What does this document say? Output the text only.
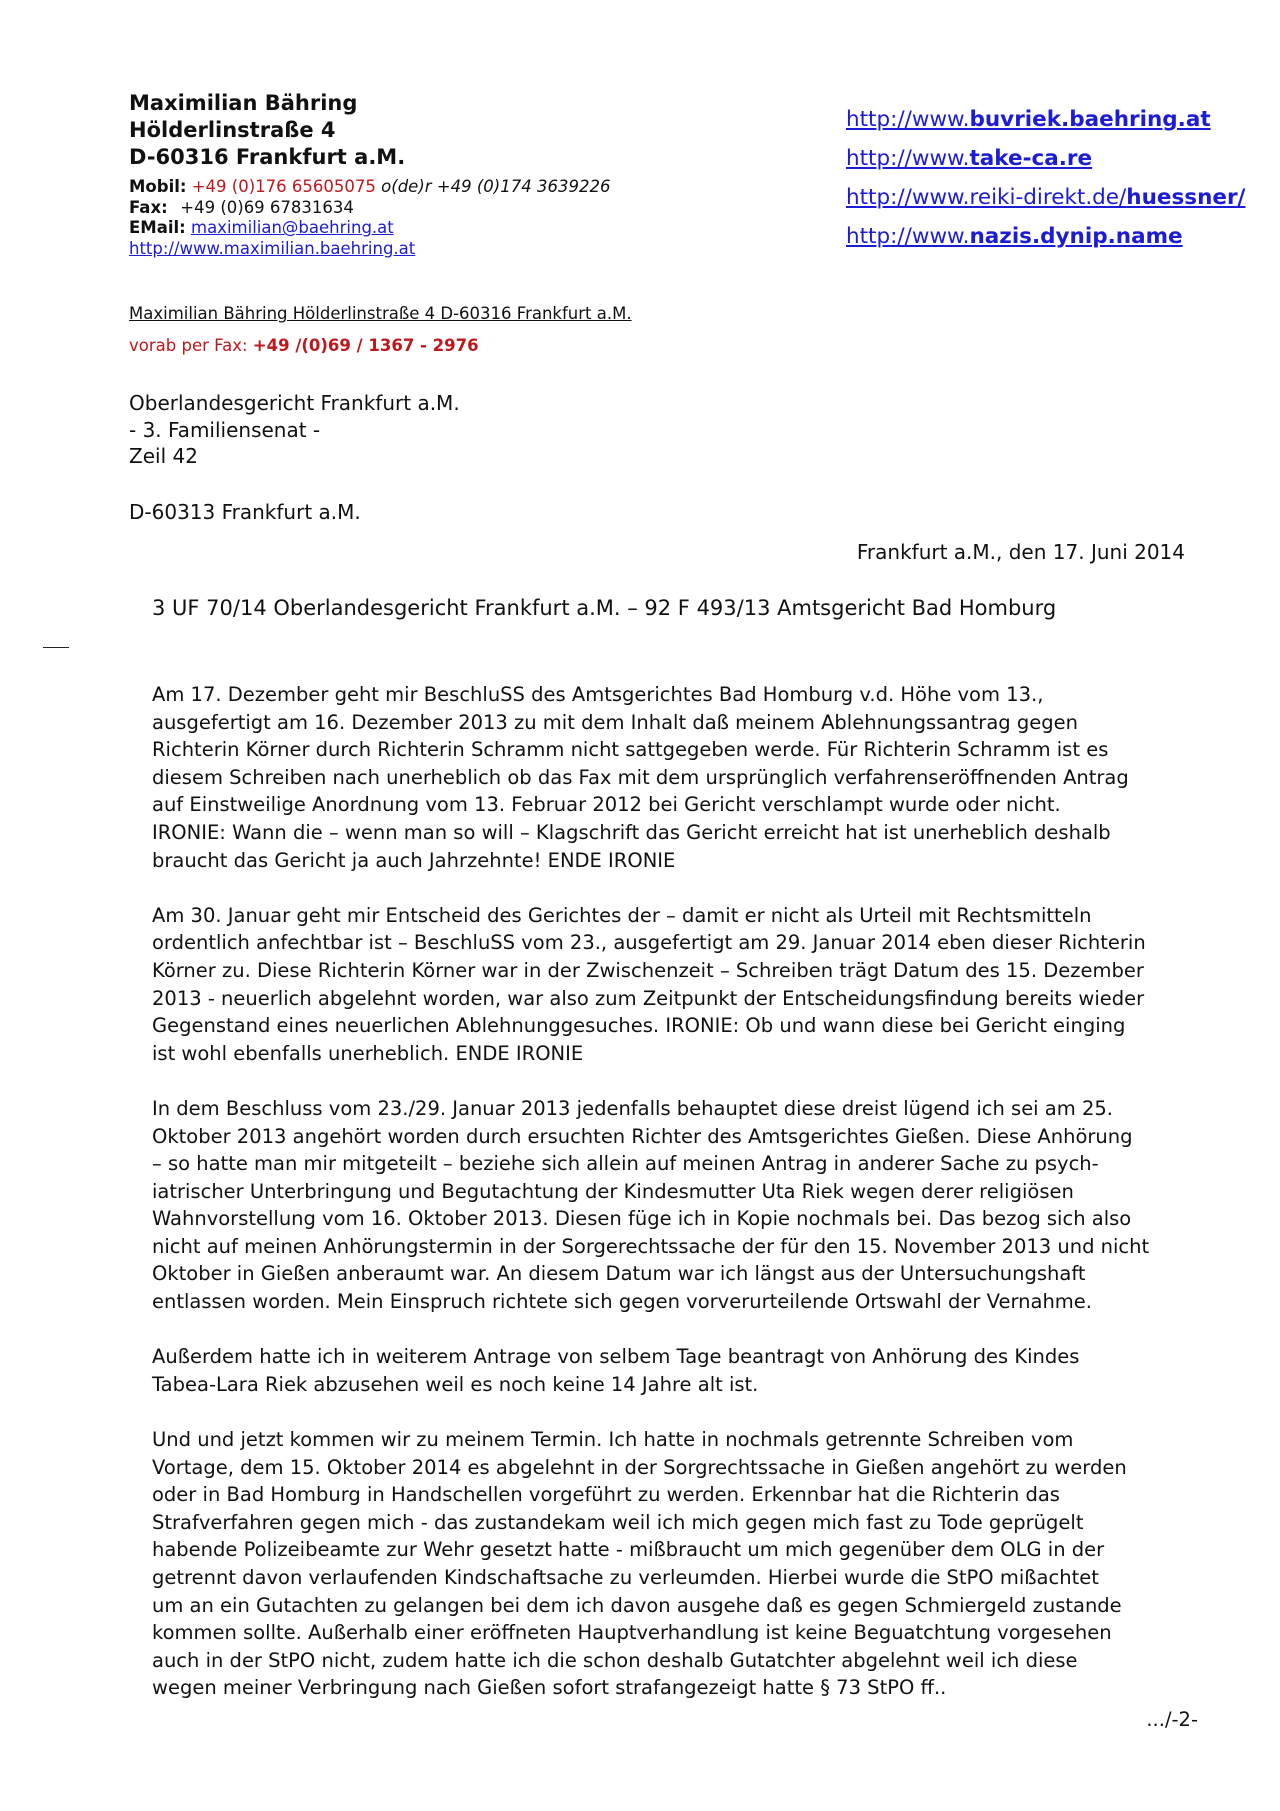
Maximilian Bähring
Hölderlinstraße 4
D-60316 Frankfurt a.M.
Mobil: +49 (0)176 65605075 o(de)r +49 (0)174 3639226
Fax: +49 (0)69 67831634
EMail: maximilian@baehring.at
http://www.maximilian.baehring.at
http://www.buvriek.baehring.at
http://www.take-ca.re
http://www.reiki-direkt.de/huessner/
http://www.nazis.dynip.name
Maximilian Bähring Hölderlinstraße 4 D-60316 Frankfurt a.M.
vorab per Fax: +49 /(0)69 / 1367 - 2976
Oberlandesgericht Frankfurt a.M.
- 3. Familiensenat -
Zeil 42
D-60313 Frankfurt a.M.
Frankfurt a.M., den 17. Juni 2014
3 UF 70/14 Oberlandesgericht Frankfurt a.M. – 92 F 493/13 Amtsgericht Bad Homburg

Am 17. Dezember geht mir BeschluSS des Amtsgerichtes Bad Homburg v.d. Höhe vom 13.,
ausgefertigt am 16. Dezember 2013 zu mit dem Inhalt daß meinem Ablehnungssantrag gegen
Richterin Körner durch Richterin Schramm nicht sattgegeben werde. Für Richterin Schramm ist es
diesem Schreiben nach unerheblich ob das Fax mit dem ursprünglich verfahrenseröffnenden Antrag
auf Einstweilige Anordnung vom 13. Februar 2012 bei Gericht verschlampt wurde oder nicht.
IRONIE: Wann die – wenn man so will – Klagschrift das Gericht erreicht hat ist unerheblich deshalb
braucht das Gericht ja auch Jahrzehnte! ENDE IRONIE

Am 30. Januar geht mir Entscheid des Gerichtes der – damit er nicht als Urteil mit Rechtsmitteln
ordentlich anfechtbar ist – BeschluSS vom 23., ausgefertigt am 29. Januar 2014 eben dieser Richterin
Körner zu. Diese Richterin Körner war in der Zwischenzeit – Schreiben trägt Datum des 15. Dezember
2013 - neuerlich abgelehnt worden, war also zum Zeitpunkt der Entscheidungsfindung bereits wieder
Gegenstand eines neuerlichen Ablehnunggesuches. IRONIE: Ob und wann diese bei Gericht einging
ist wohl ebenfalls unerheblich. ENDE IRONIE

In dem Beschluss vom 23./29. Januar 2013 jedenfalls behauptet diese dreist lügend ich sei am 25.
Oktober 2013 angehört worden durch ersuchten Richter des Amtsgerichtes Gießen. Diese Anhörung
– so hatte man mir mitgeteilt – beziehe sich allein auf meinen Antrag in anderer Sache zu psych-
iatrischer Unterbringung und Begutachtung der Kindesmutter Uta Riek wegen derer religiösen
Wahnvorstellung vom 16. Oktober 2013. Diesen füge ich in Kopie nochmals bei. Das bezog sich also
nicht auf meinen Anhörungstermin in der Sorgerechtssache der für den 15. November 2013 und nicht
Oktober in Gießen anberaumt war. An diesem Datum war ich längst aus der Untersuchungshaft
entlassen worden. Mein Einspruch richtete sich gegen vorverurteilende Ortswahl der Vernahme.

Außerdem hatte ich in weiterem Antrage von selbem Tage beantragt von Anhörung des Kindes
Tabea-Lara Riek abzusehen weil es noch keine 14 Jahre alt ist.

Und und jetzt kommen wir zu meinem Termin. Ich hatte in nochmals getrennte Schreiben vom
Vortage, dem 15. Oktober 2014 es abgelehnt in der Sorgrechtssache in Gießen angehört zu werden
oder in Bad Homburg in Handschellen vorgeführt zu werden. Erkennbar hat die Richterin das
Strafverfahren gegen mich - das zustandekam weil ich mich gegen mich fast zu Tode geprügelt
habende Polizeibeamte zur Wehr gesetzt hatte - mißbraucht um mich gegenüber dem OLG in der
getrennt davon verlaufenden Kindschaftsache zu verleumden. Hierbei wurde die StPO mißachtet
um an ein Gutachten zu gelangen bei dem ich davon ausgehe daß es gegen Schmiergeld zustande
kommen sollte. Außerhalb einer eröffneten Hauptverhandlung ist keine Beguatchtung vorgesehen
auch in der StPO nicht, zudem hatte ich die schon deshalb Gutatchter abgelehnt weil ich diese
wegen meiner Verbringung nach Gießen sofort strafangezeigt hatte § 73 StPO ff..

.../-2-
